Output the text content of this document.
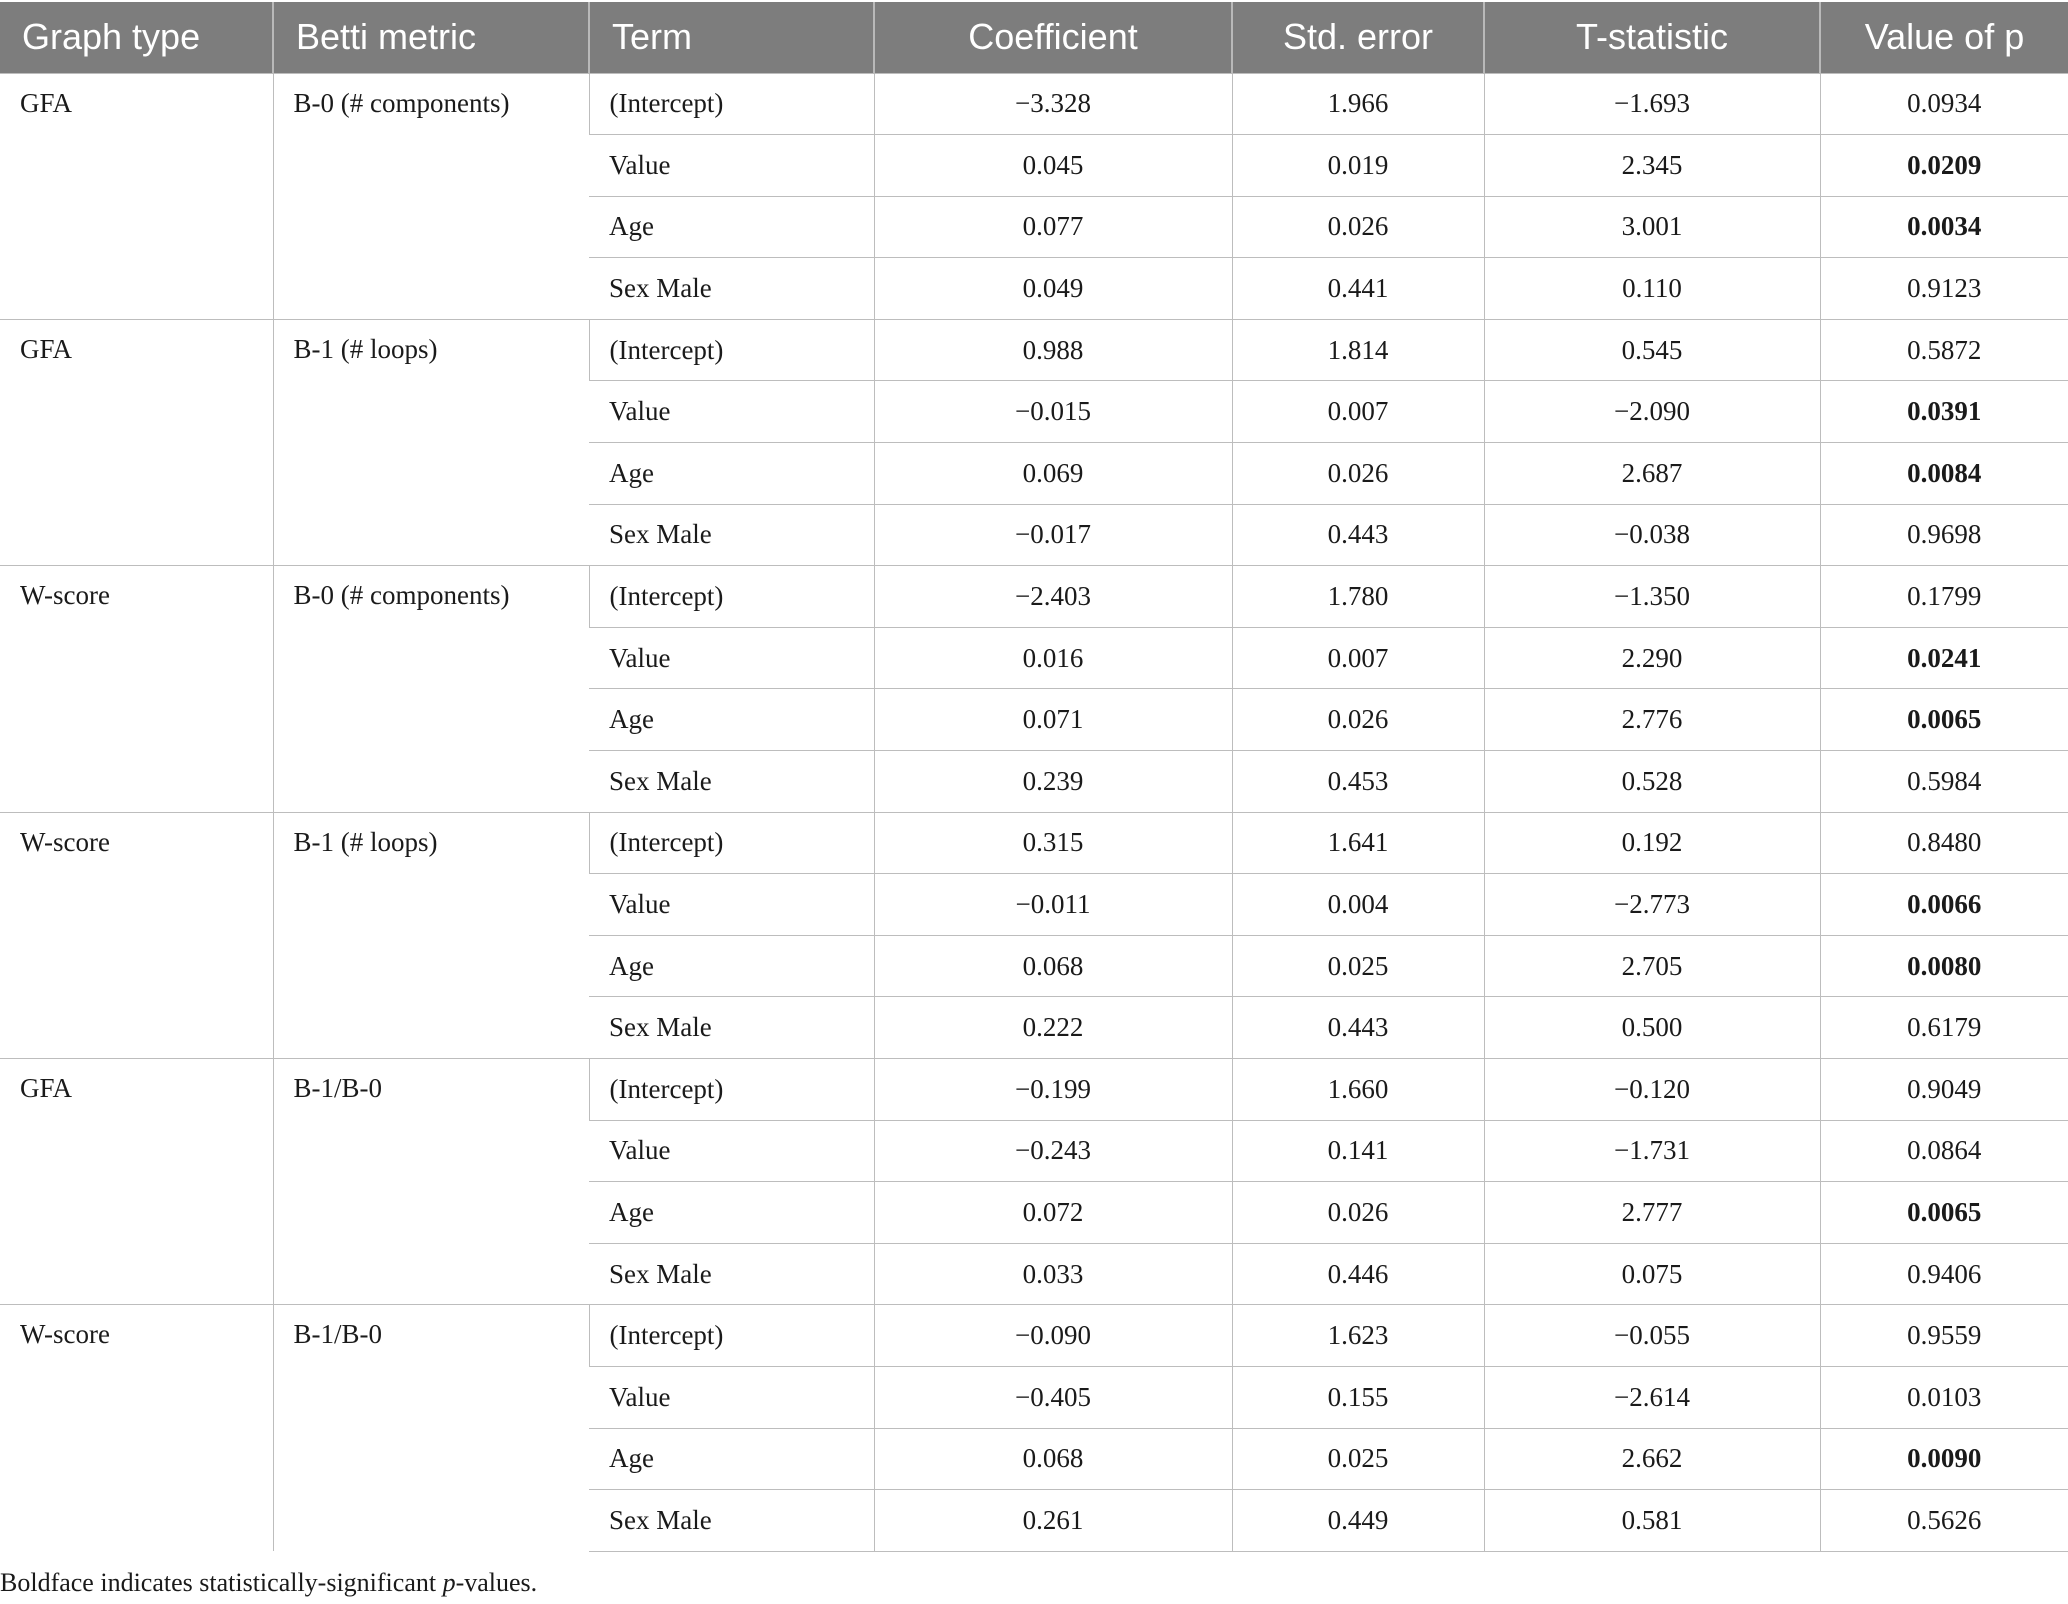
Graph type	Betti metric	Term	Coefficient	Std. error	T-statistic	Value of p
GFA	B-0 (# components)	(Intercept)	−3.328	1.966	−1.693	0.0934
		Value	0.045	0.019	2.345	0.0209
		Age	0.077	0.026	3.001	0.0034
		Sex Male	0.049	0.441	0.110	0.9123
GFA	B-1 (# loops)	(Intercept)	0.988	1.814	0.545	0.5872
		Value	−0.015	0.007	−2.090	0.0391
		Age	0.069	0.026	2.687	0.0084
		Sex Male	−0.017	0.443	−0.038	0.9698
W-score	B-0 (# components)	(Intercept)	−2.403	1.780	−1.350	0.1799
		Value	0.016	0.007	2.290	0.0241
		Age	0.071	0.026	2.776	0.0065
		Sex Male	0.239	0.453	0.528	0.5984
W-score	B-1 (# loops)	(Intercept)	0.315	1.641	0.192	0.8480
		Value	−0.011	0.004	−2.773	0.0066
		Age	0.068	0.025	2.705	0.0080
		Sex Male	0.222	0.443	0.500	0.6179
GFA	B-1/B-0	(Intercept)	−0.199	1.660	−0.120	0.9049
		Value	−0.243	0.141	−1.731	0.0864
		Age	0.072	0.026	2.777	0.0065
		Sex Male	0.033	0.446	0.075	0.9406
W-score	B-1/B-0	(Intercept)	−0.090	1.623	−0.055	0.9559
		Value	−0.405	0.155	−2.614	0.0103
		Age	0.068	0.025	2.662	0.0090
		Sex Male	0.261	0.449	0.581	0.5626
Boldface indicates statistically-significant p-values.
